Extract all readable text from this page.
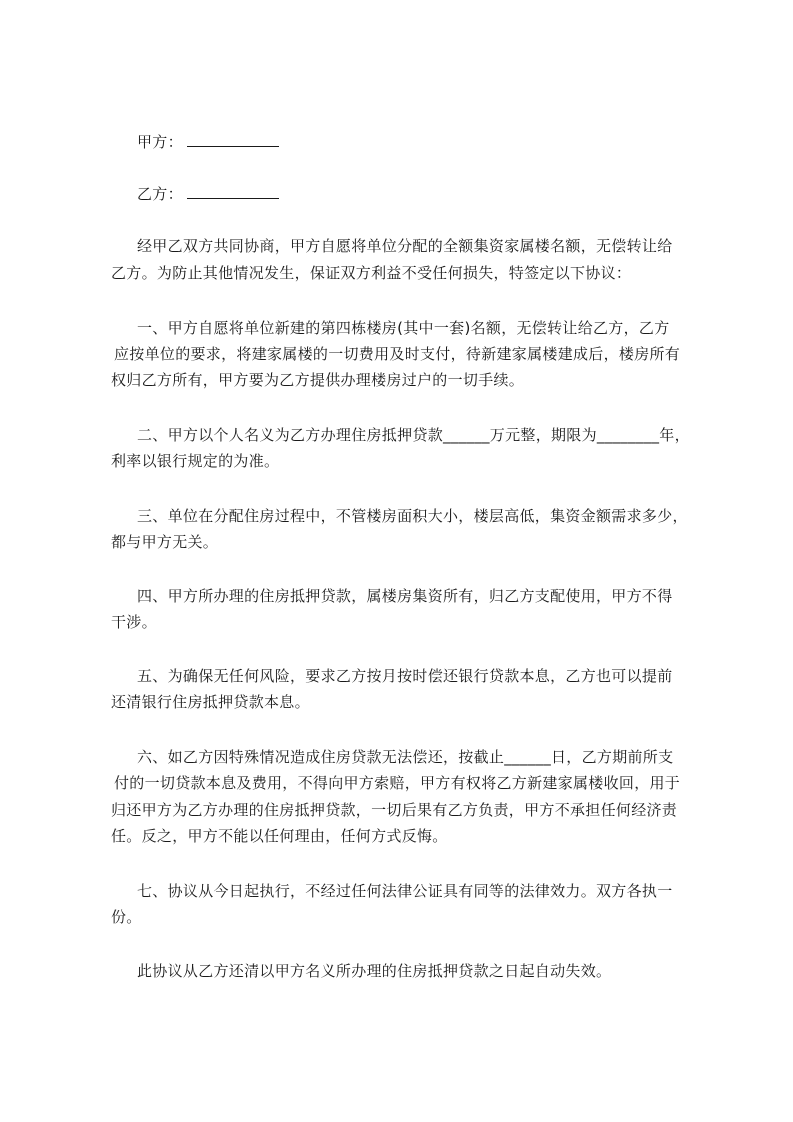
甲方：
乙方：
经甲乙双方共同协商，甲方自愿将单位分配的全额集资家属楼名额，无偿转让给
乙方。为防止其他情况发生，保证双方利益不受任何损失，特签定以下协议：
一、甲方自愿将单位新建的第四栋楼房(其中一套)名额，无偿转让给乙方，乙方
应按单位的要求，将建家属楼的一切费用及时支付，待新建家属楼建成后，楼房所有
权归乙方所有，甲方要为乙方提供办理楼房过户的一切手续。
二、甲方以个人名义为乙方办理住房抵押贷款______万元整，期限为________年，
利率以银行规定的为准。
三、单位在分配住房过程中，不管楼房面积大小，楼层高低，集资金额需求多少，
都与甲方无关。
四、甲方所办理的住房抵押贷款，属楼房集资所有，归乙方支配使用，甲方不得
干涉。
五、为确保无任何风险，要求乙方按月按时偿还银行贷款本息，乙方也可以提前
还清银行住房抵押贷款本息。
六、如乙方因特殊情况造成住房贷款无法偿还，按截止______日，乙方期前所支
付的一切贷款本息及费用，不得向甲方索赔，甲方有权将乙方新建家属楼收回，用于
归还甲方为乙方办理的住房抵押贷款，一切后果有乙方负责，甲方不承担任何经济责
任。反之，甲方不能以任何理由，任何方式反悔。
七、协议从今日起执行，不经过任何法律公证具有同等的法律效力。双方各执一
份。
此协议从乙方还清以甲方名义所办理的住房抵押贷款之日起自动失效。
